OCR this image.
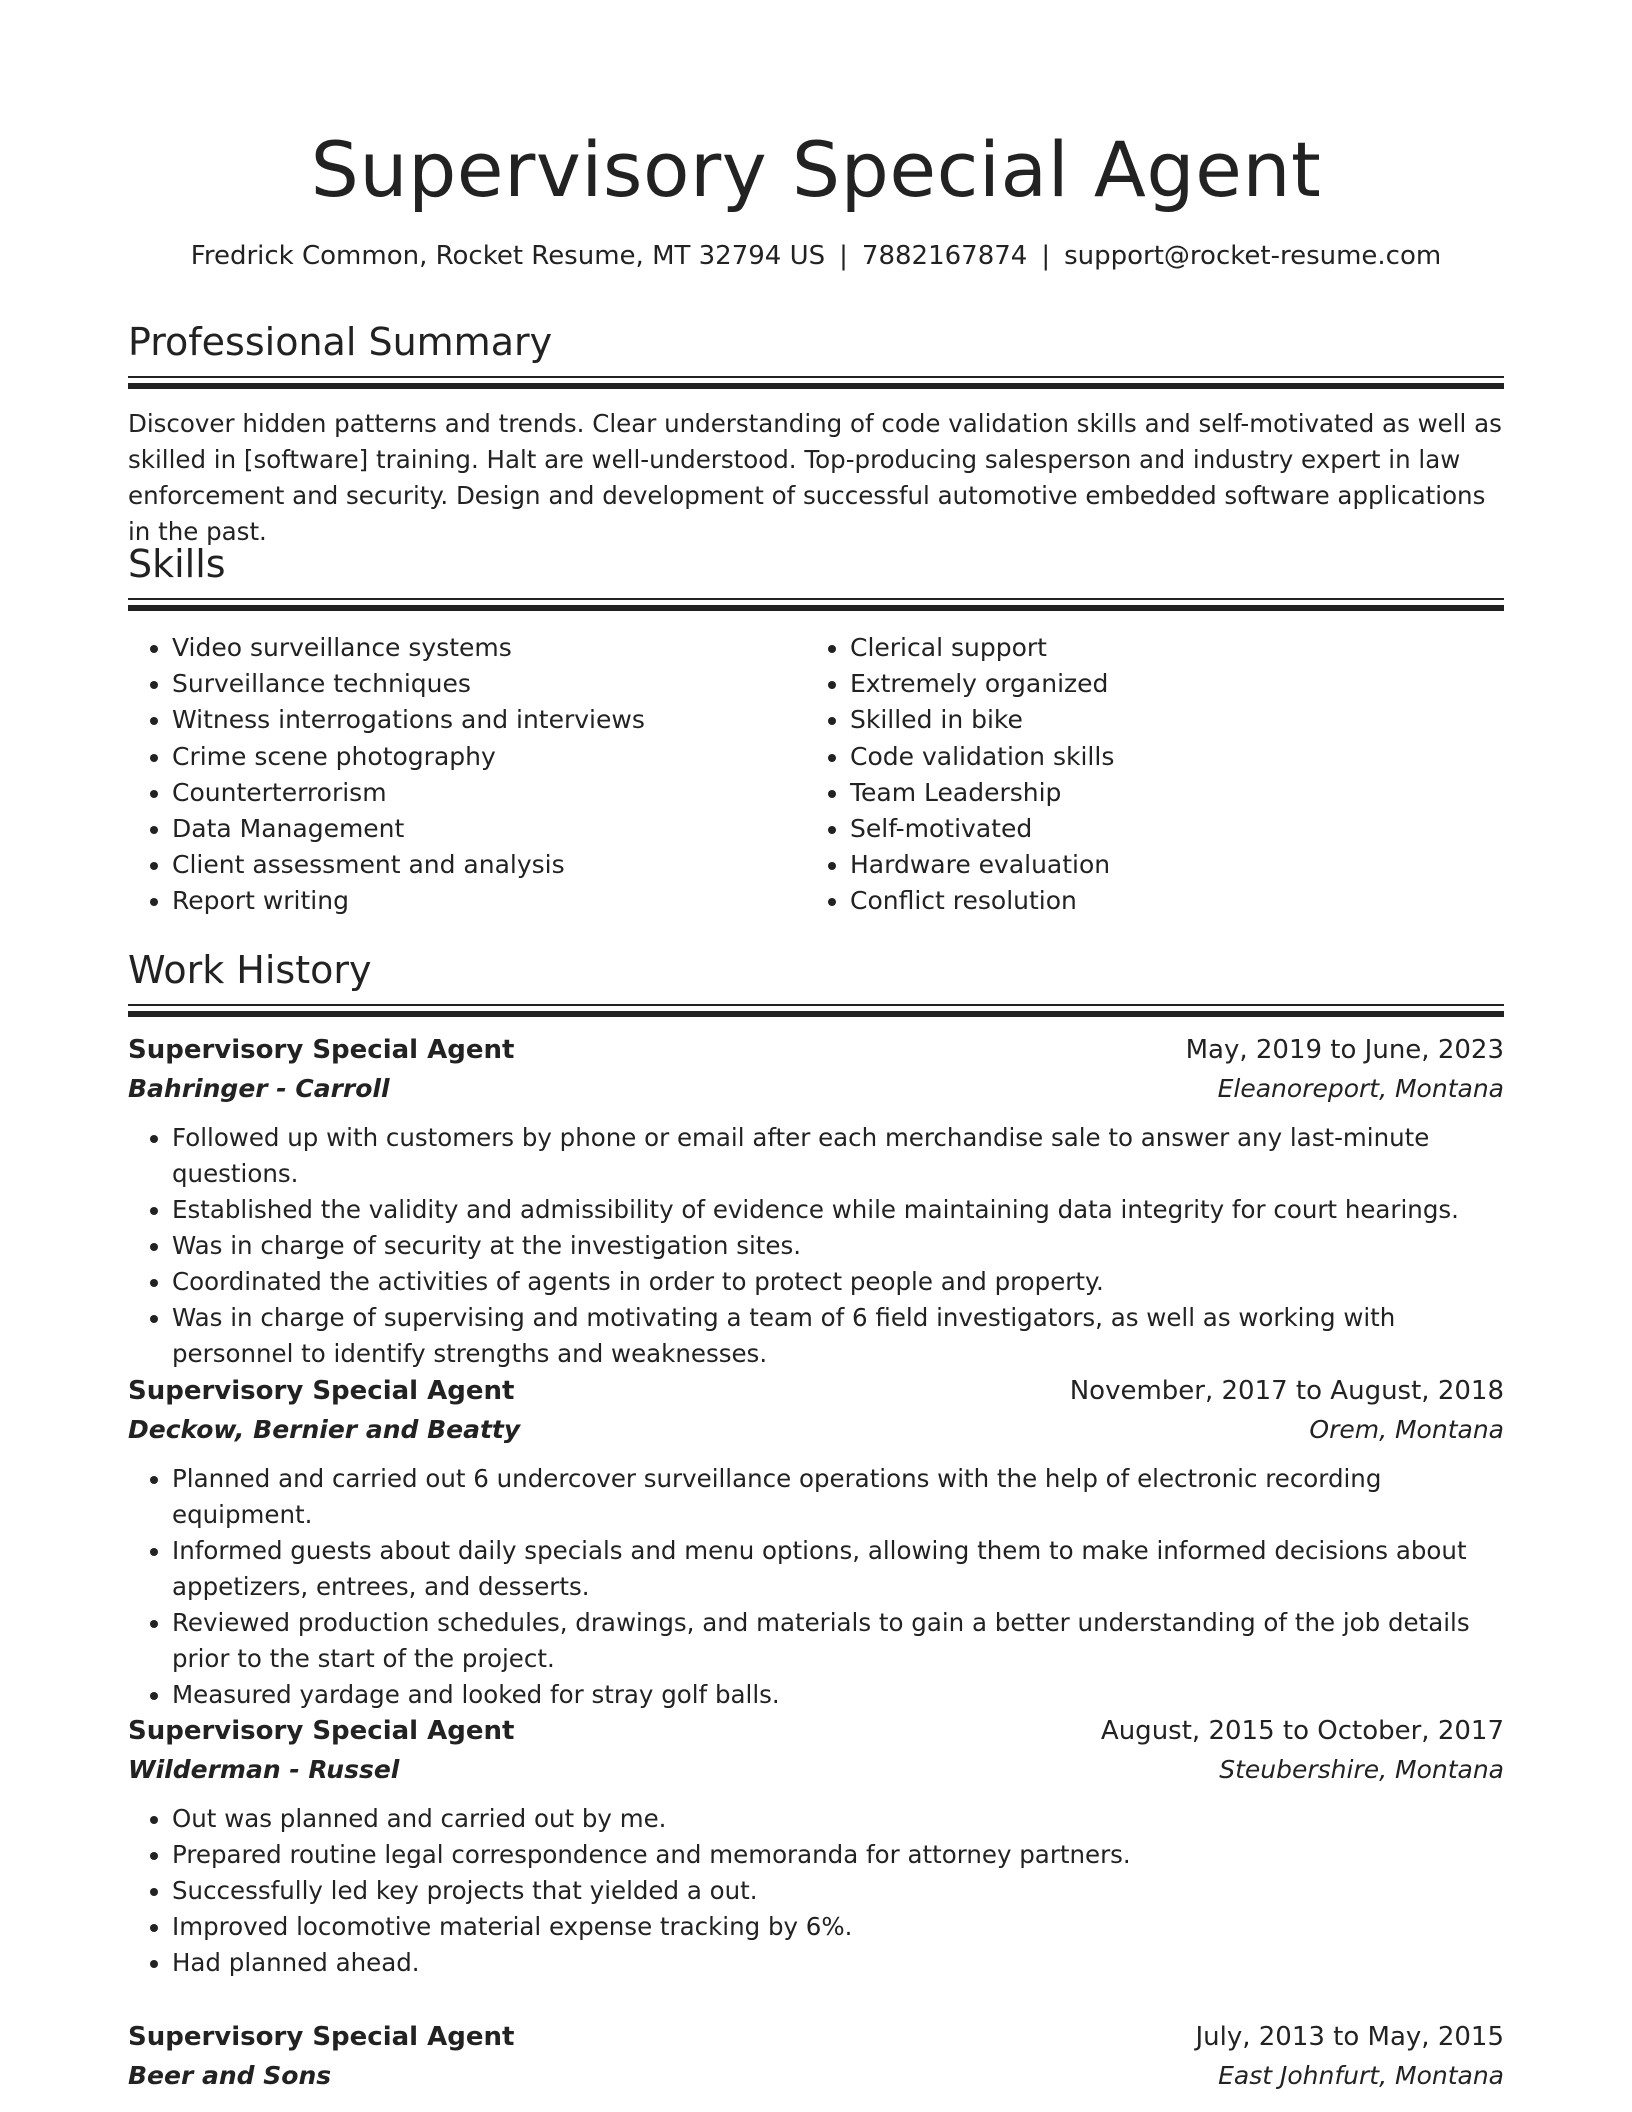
Supervisory Special Agent
Fredrick Common, Rocket Resume, MT 32794 US | 7882167874 | support@rocket-resume.com
Professional Summary

Discover hidden patterns and trends. Clear understanding of code validation skills and self-motivated as well as skilled in [software] training. Halt are well-understood. Top-producing salesperson and industry expert in law enforcement and security. Design and development of successful automotive embedded software applications in the past.

Skills
• Video surveillance systems
• Surveillance techniques
• Witness interrogations and interviews
• Crime scene photography
• Counterterrorism
• Data Management
• Client assessment and analysis
• Report writing
• Clerical support
• Extremely organized
• Skilled in bike
• Code validation skills
• Team Leadership
• Self-motivated
• Hardware evaluation
• Conflict resolution
Work History
Supervisory Special Agent	May, 2019 to June, 2023
Bahringer - Carroll	Eleanoreport, Montana
• Followed up with customers by phone or email after each merchandise sale to answer any last-minute questions.
• Established the validity and admissibility of evidence while maintaining data integrity for court hearings.
• Was in charge of security at the investigation sites.
• Coordinated the activities of agents in order to protect people and property.
• Was in charge of supervising and motivating a team of 6 field investigators, as well as working with personnel to identify strengths and weaknesses.
Supervisory Special Agent	November, 2017 to August, 2018
Deckow, Bernier and Beatty	Orem, Montana
• Planned and carried out 6 undercover surveillance operations with the help of electronic recording equipment.
• Informed guests about daily specials and menu options, allowing them to make informed decisions about appetizers, entrees, and desserts.
• Reviewed production schedules, drawings, and materials to gain a better understanding of the job details prior to the start of the project.
• Measured yardage and looked for stray golf balls.
Supervisory Special Agent	August, 2015 to October, 2017
Wilderman - Russel	Steubershire, Montana
• Out was planned and carried out by me.
• Prepared routine legal correspondence and memoranda for attorney partners.
• Successfully led key projects that yielded a out.
• Improved locomotive material expense tracking by 6%.
• Had planned ahead.
Supervisory Special Agent	July, 2013 to May, 2015
Beer and Sons	East Johnfurt, Montana
